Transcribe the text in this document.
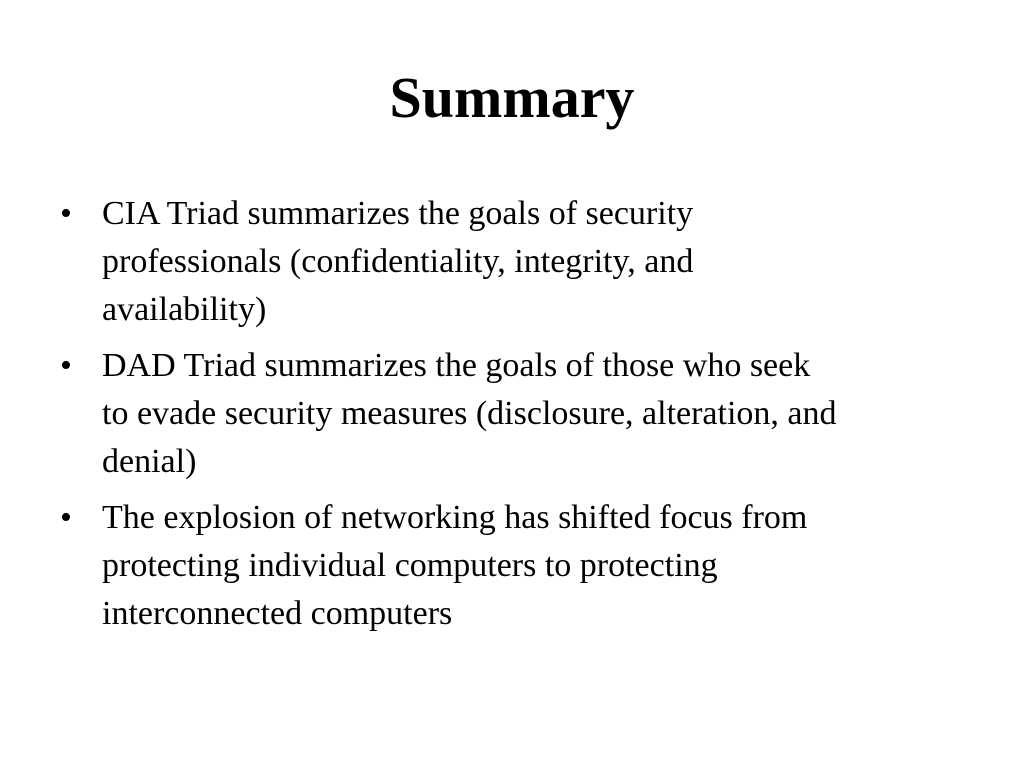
Summary
• CIA Triad summarizes the goals of security
professionals (confidentiality, integrity, and
availability)
• DAD Triad summarizes the goals of those who seek
to evade security measures (disclosure, alteration, and
denial)
• The explosion of networking has shifted focus from
protecting individual computers to protecting
interconnected computers
